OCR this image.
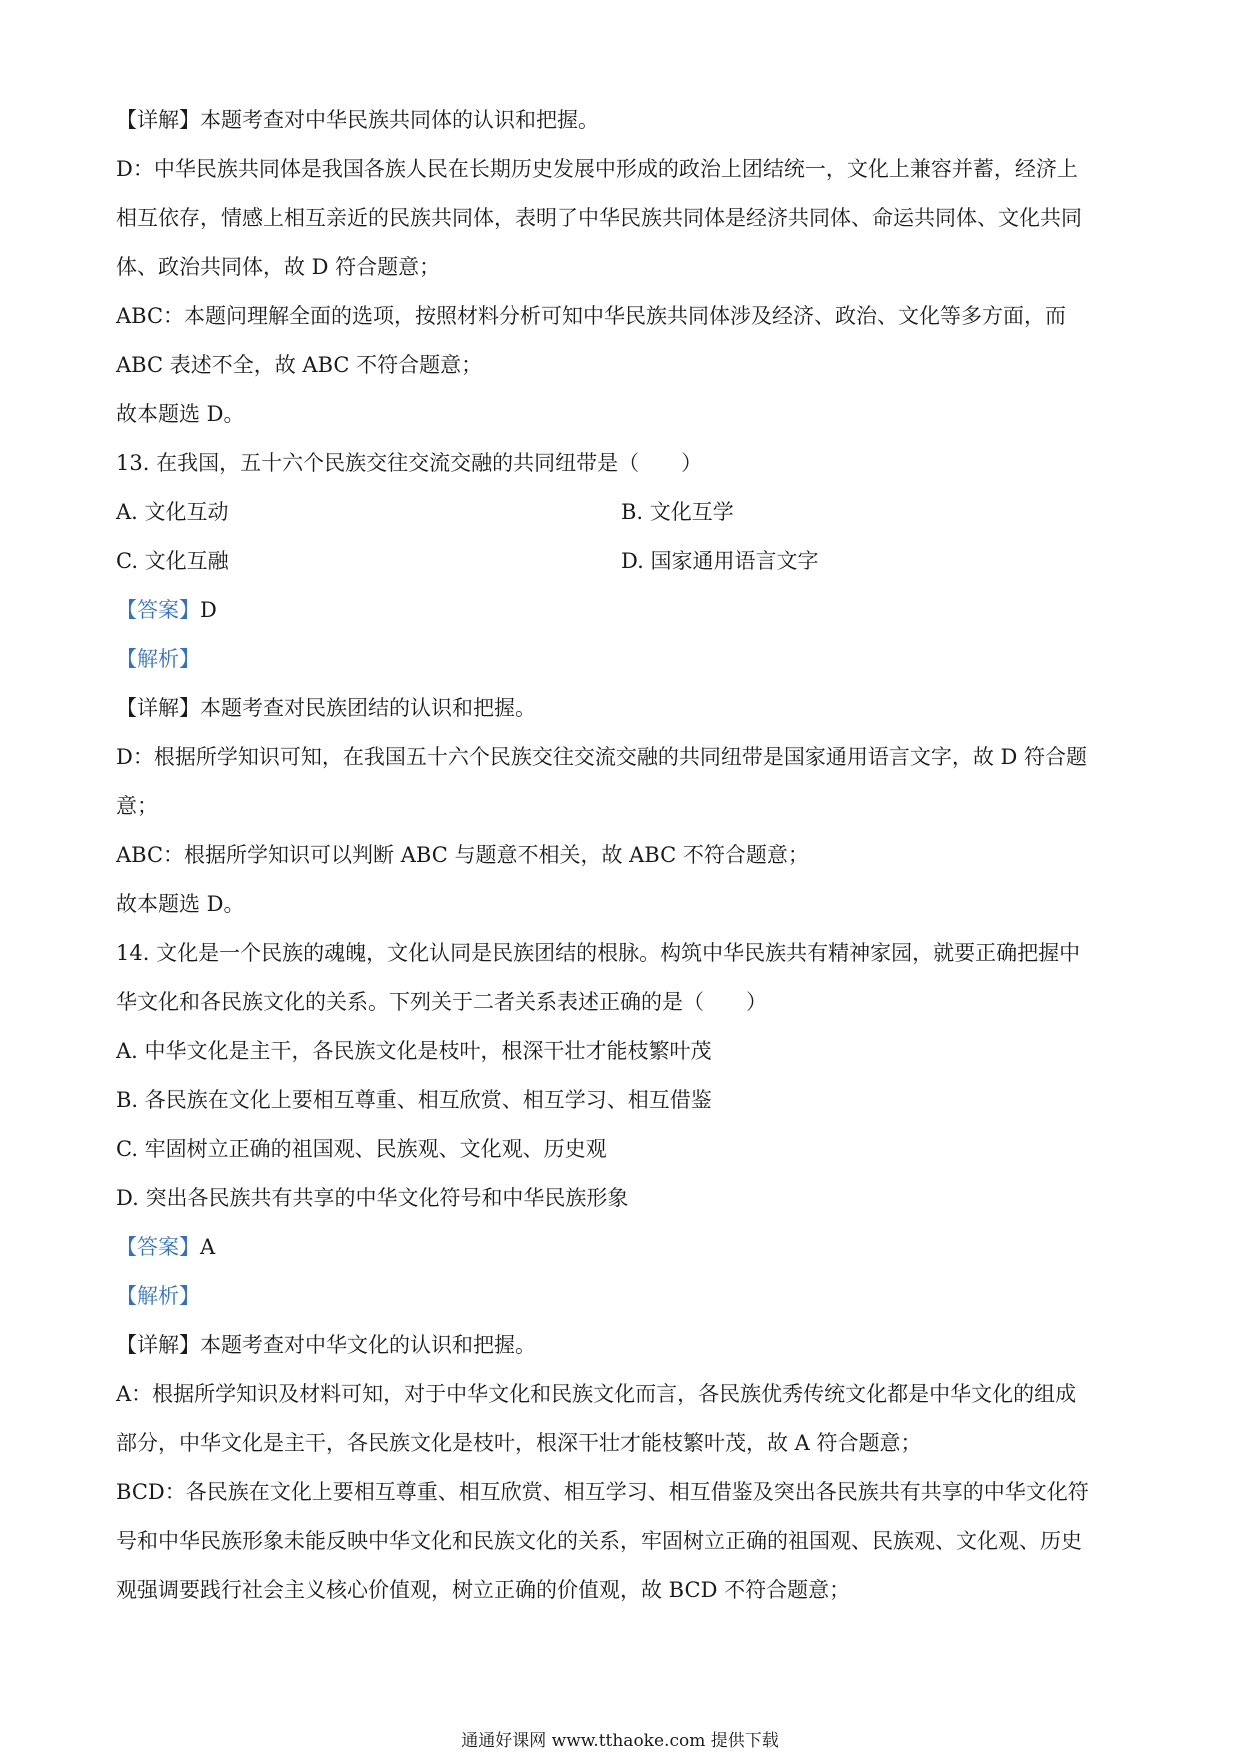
【详解】本题考查对中华民族共同体的认识和把握。
D：中华民族共同体是我国各族人民在长期历史发展中形成的政治上团结统一，文化上兼容并蓄，经济上
相互依存，情感上相互亲近的民族共同体，表明了中华民族共同体是经济共同体、命运共同体、文化共同
体、政治共同体，故 D 符合题意；
ABC：本题问理解全面的选项，按照材料分析可知中华民族共同体涉及经济、政治、文化等多方面，而
ABC 表述不全，故 ABC 不符合题意；
故本题选 D。
13. 在我国，五十六个民族交往交流交融的共同纽带是（　　）
A. 文化互动	B. 文化互学
C. 文化互融	D. 国家通用语言文字
【答案】D
【解析】
【详解】本题考查对民族团结的认识和把握。
D：根据所学知识可知，在我国五十六个民族交往交流交融的共同纽带是国家通用语言文字，故 D 符合题
意；
ABC：根据所学知识可以判断 ABC 与题意不相关，故 ABC 不符合题意；
故本题选 D。
14. 文化是一个民族的魂魄，文化认同是民族团结的根脉。构筑中华民族共有精神家园，就要正确把握中
华文化和各民族文化的关系。下列关于二者关系表述正确的是（　　）
A. 中华文化是主干，各民族文化是枝叶，根深干壮才能枝繁叶茂
B. 各民族在文化上要相互尊重、相互欣赏、相互学习、相互借鉴
C. 牢固树立正确的祖国观、民族观、文化观、历史观
D. 突出各民族共有共享的中华文化符号和中华民族形象
【答案】A
【解析】
【详解】本题考查对中华文化的认识和把握。
A：根据所学知识及材料可知，对于中华文化和民族文化而言，各民族优秀传统文化都是中华文化的组成
部分，中华文化是主干，各民族文化是枝叶，根深干壮才能枝繁叶茂，故 A 符合题意；
BCD：各民族在文化上要相互尊重、相互欣赏、相互学习、相互借鉴及突出各民族共有共享的中华文化符
号和中华民族形象未能反映中华文化和民族文化的关系，牢固树立正确的祖国观、民族观、文化观、历史
观强调要践行社会主义核心价值观，树立正确的价值观，故 BCD 不符合题意；
通通好课网 www.tthaoke.com 提供下载
